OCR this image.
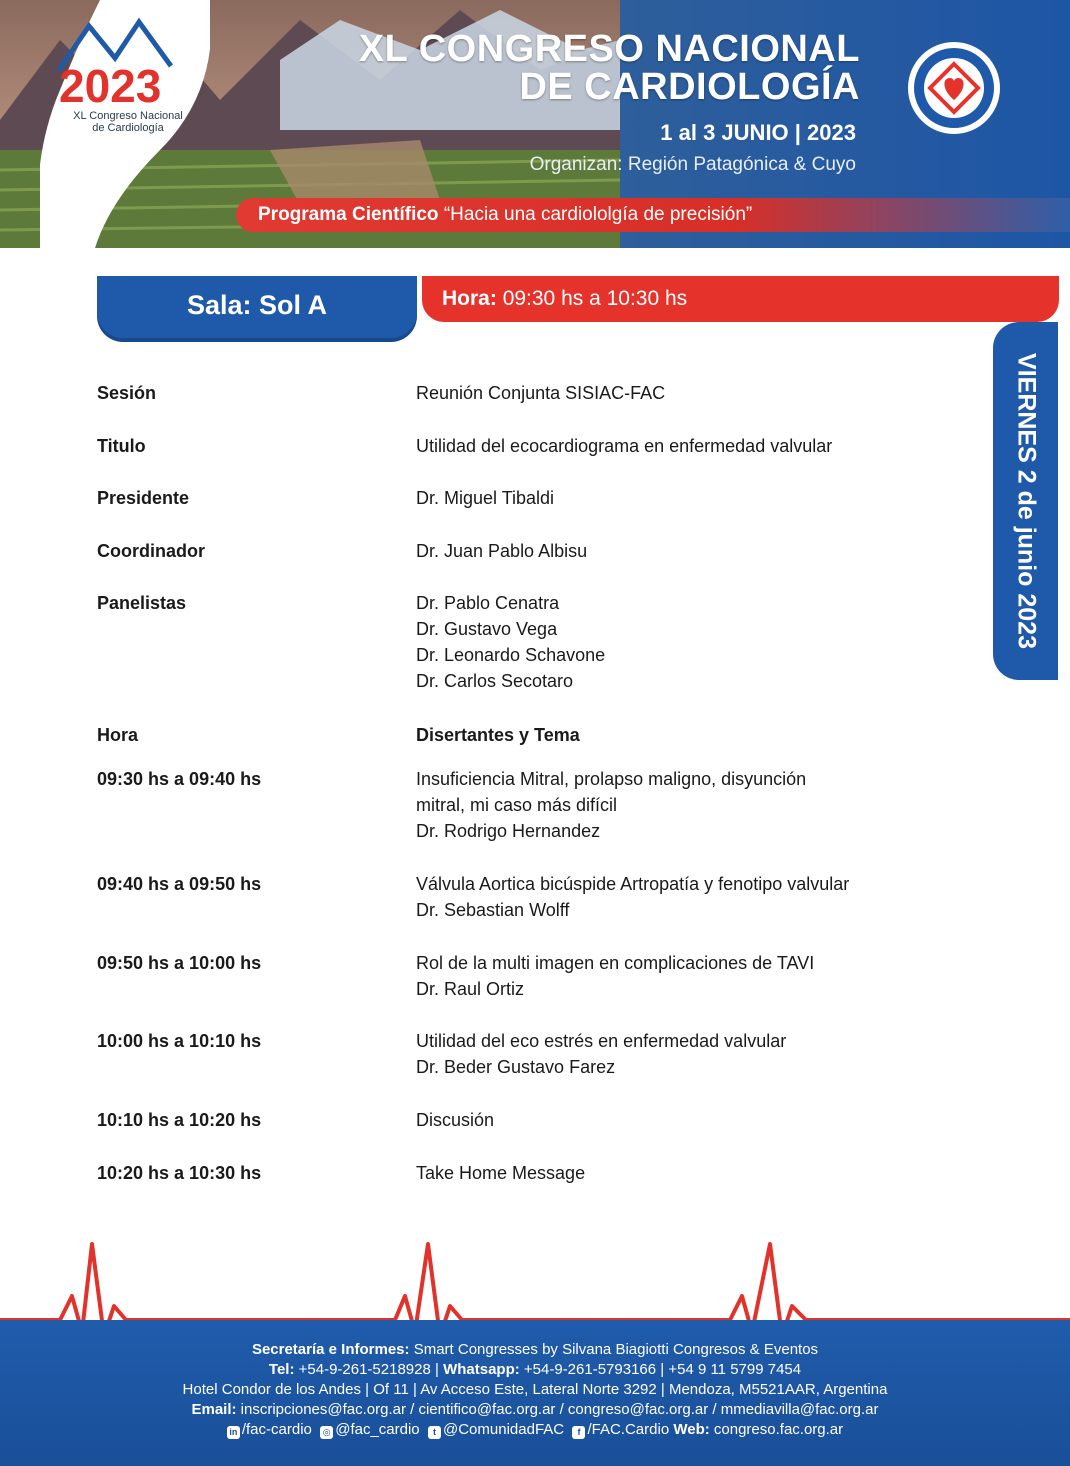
2023
XL Congreso Nacional
de Cardiología
XL CONGRESO NACIONAL
DE CARDIOLOGÍA
1 al 3 JUNIO | 2023
Organizan: Región Patagónica & Cuyo
Programa Científico “Hacia una cardiololgía de precisión”
Sala: Sol A	Hora: 09:30 hs a 10:30 hs
VIERNES 2 de junio 2023
Sesión	Reunión Conjunta SISIAC-FAC
Titulo	Utilidad del ecocardiograma en enfermedad valvular
Presidente	Dr. Miguel Tibaldi
Coordinador	Dr. Juan Pablo Albisu
Panelistas	Dr. Pablo Cenatra
Dr. Gustavo Vega
Dr. Leonardo Schavone
Dr. Carlos Secotaro
Hora	Disertantes y Tema
09:30 hs a 09:40 hs	Insuficiencia Mitral, prolapso maligno, disyunción
mitral, mi caso más difícil
Dr. Rodrigo Hernandez
09:40 hs a 09:50 hs	Válvula Aortica bicúspide Artropatía y fenotipo valvular
Dr. Sebastian Wolff
09:50 hs a 10:00 hs	Rol de la multi imagen en complicaciones de TAVI
Dr. Raul Ortiz
10:00 hs a 10:10 hs	Utilidad del eco estrés en enfermedad valvular
Dr. Beder Gustavo Farez
10:10 hs a 10:20 hs	Discusión
10:20 hs a 10:30 hs	Take Home Message
Secretaría e Informes: Smart Congresses by Silvana Biagiotti Congresos & Eventos
Tel: +54-9-261-5218928 | Whatsapp: +54-9-261-5793166 | +54 9 11 5799 7454
Hotel Condor de los Andes | Of 11 | Av Acceso Este, Lateral Norte 3292 | Mendoza, M5521AAR, Argentina
Email: inscripciones@fac.org.ar / cientifico@fac.org.ar / congreso@fac.org.ar / mmediavilla@fac.org.ar
in /fac-cardio ◎ @fac_cardio t @ComunidadFAC f /FAC.Cardio Web: congreso.fac.org.ar
